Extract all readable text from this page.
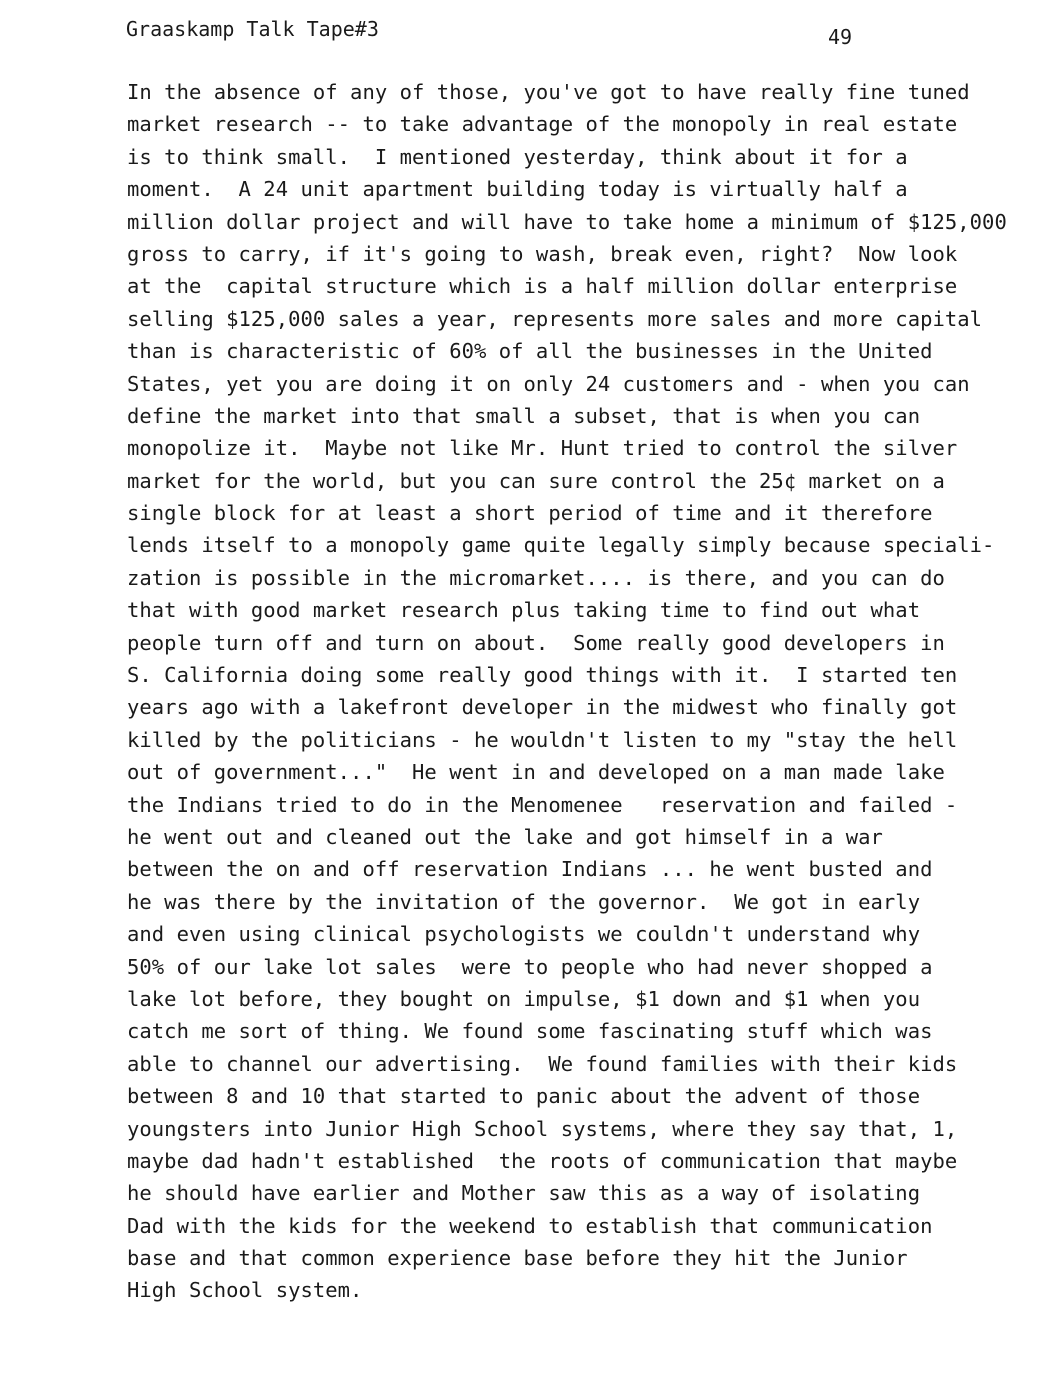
Graaskamp Talk Tape#3	49
In the absence of any of those, you've got to have really fine tuned
market research -- to take advantage of the monopoly in real estate
is to think small.  I mentioned yesterday, think about it for a
moment.  A 24 unit apartment building today is virtually half a
million dollar project and will have to take home a minimum of $125,000
gross to carry, if it's going to wash, break even, right?  Now look
at the  capital structure which is a half million dollar enterprise
selling $125,000 sales a year, represents more sales and more capital
than is characteristic of 60% of all the businesses in the United
States, yet you are doing it on only 24 customers and - when you can
define the market into that small a subset, that is when you can
monopolize it.  Maybe not like Mr. Hunt tried to control the silver
market for the world, but you can sure control the 25¢ market on a
single block for at least a short period of time and it therefore
lends itself to a monopoly game quite legally simply because speciali-
zation is possible in the micromarket.... is there, and you can do
that with good market research plus taking time to find out what
people turn off and turn on about.  Some really good developers in
S. California doing some really good things with it.  I started ten
years ago with a lakefront developer in the midwest who finally got
killed by the politicians - he wouldn't listen to my "stay the hell
out of government..."  He went in and developed on a man made lake
the Indians tried to do in the Menomenee   reservation and failed -
he went out and cleaned out the lake and got himself in a war
between the on and off reservation Indians ... he went busted and
he was there by the invitation of the governor.  We got in early
and even using clinical psychologists we couldn't understand why
50% of our lake lot sales  were to people who had never shopped a
lake lot before, they bought on impulse, $1 down and $1 when you
catch me sort of thing. We found some fascinating stuff which was
able to channel our advertising.  We found families with their kids
between 8 and 10 that started to panic about the advent of those
youngsters into Junior High School systems, where they say that, 1,
maybe dad hadn't established  the roots of communication that maybe
he should have earlier and Mother saw this as a way of isolating
Dad with the kids for the weekend to establish that communication
base and that common experience base before they hit the Junior
High School system.
